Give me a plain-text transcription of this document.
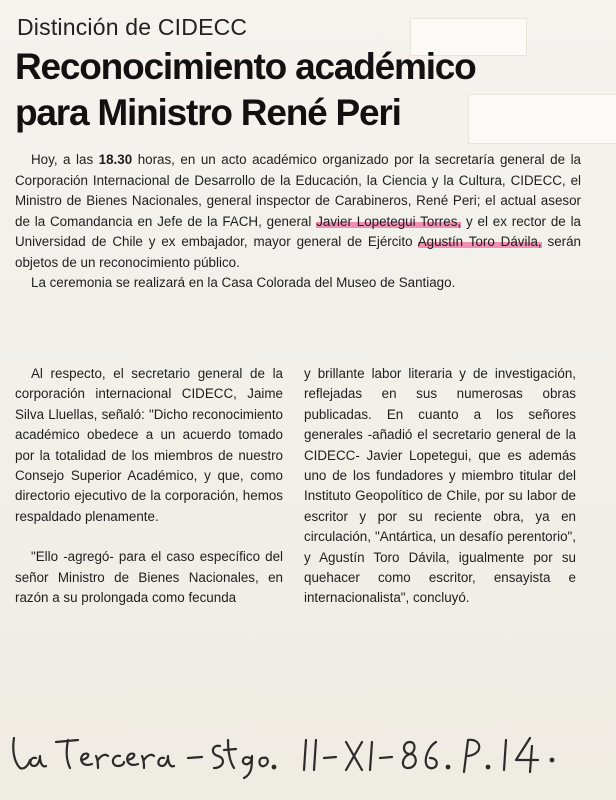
Distinción de CIDECC
Reconocimiento académico
para Ministro René Peri

Hoy, a las 18.30 horas, en un acto académico organizado por la secretaría general de la Corporación Internacional de Desarrollo de la Educación, la Ciencia y la Cultura, CIDECC, el Ministro de Bienes Nacionales, general inspector de Carabineros, René Peri; el actual asesor de la Comandancia en Jefe de la FACH, general Javier Lopetegui Torres, y el ex rector de la Universidad de Chile y ex embajador, mayor general de Ejército Agustín Toro Dávila, serán objetos de un reconocimiento público.

La ceremonia se realizará en la Casa Colorada del Museo de Santiago.

Al respecto, el secretario general de la corporación internacional CIDECC, Jaime Silva Lluellas, señaló: "Dicho reconocimiento académico obedece a un acuerdo tomado por la totalidad de los miembros de nuestro Consejo Superior Académico, y que, como directorio ejecutivo de la corporación, hemos respaldado plenamente.

"Ello -agregó- para el caso específico del señor Ministro de Bienes Nacionales, en razón a su prolongada como fecunda

y brillante labor literaria y de investigación, reflejadas en sus numerosas obras publicadas. En cuanto a los señores generales -añadió el secretario general de la CIDECC- Javier Lopetegui, que es además uno de los fundadores y miembro titular del Instituto Geopolítico de Chile, por su labor de escritor y por su reciente obra, ya en circulación, "Antártica, un desafío perentorio", y Agustín Toro Dávila, igualmente por su quehacer como escritor, ensayista e internacionalista", concluyó.
